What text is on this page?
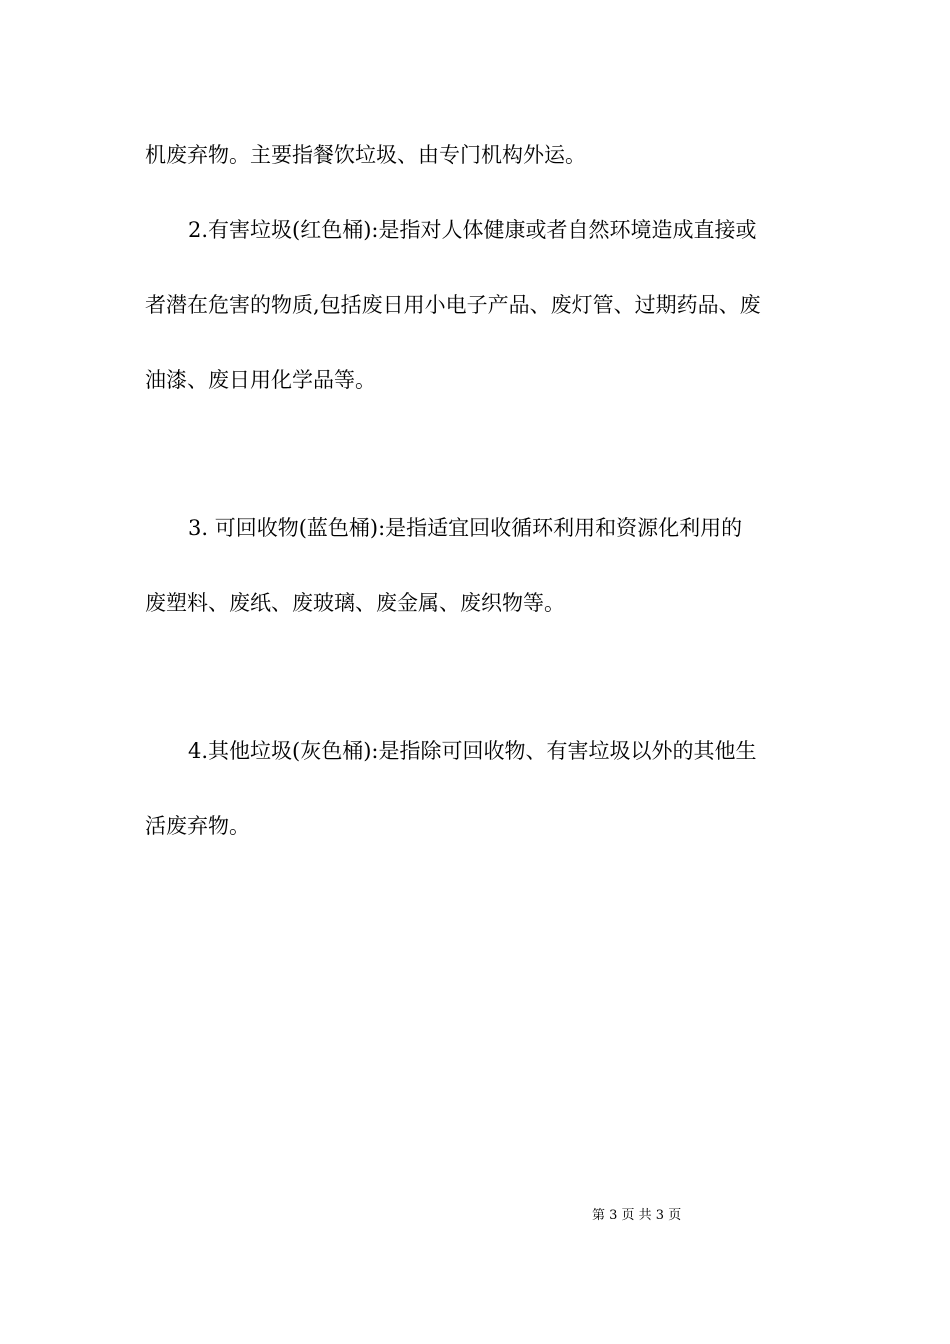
机废弃物。主要指餐饮垃圾、由专门机构外运。
2.有害垃圾(红色桶):是指对人体健康或者自然环境造成直接或
者潜在危害的物质,包括废日用小电子产品、废灯管、过期药品、废
油漆、废日用化学品等。
3. 可回收物(蓝色桶):是指适宜回收循环利用和资源化利用的
废塑料、废纸、废玻璃、废金属、废织物等。
4.其他垃圾(灰色桶):是指除可回收物、有害垃圾以外的其他生
活废弃物。
第 3 页 共 3 页
